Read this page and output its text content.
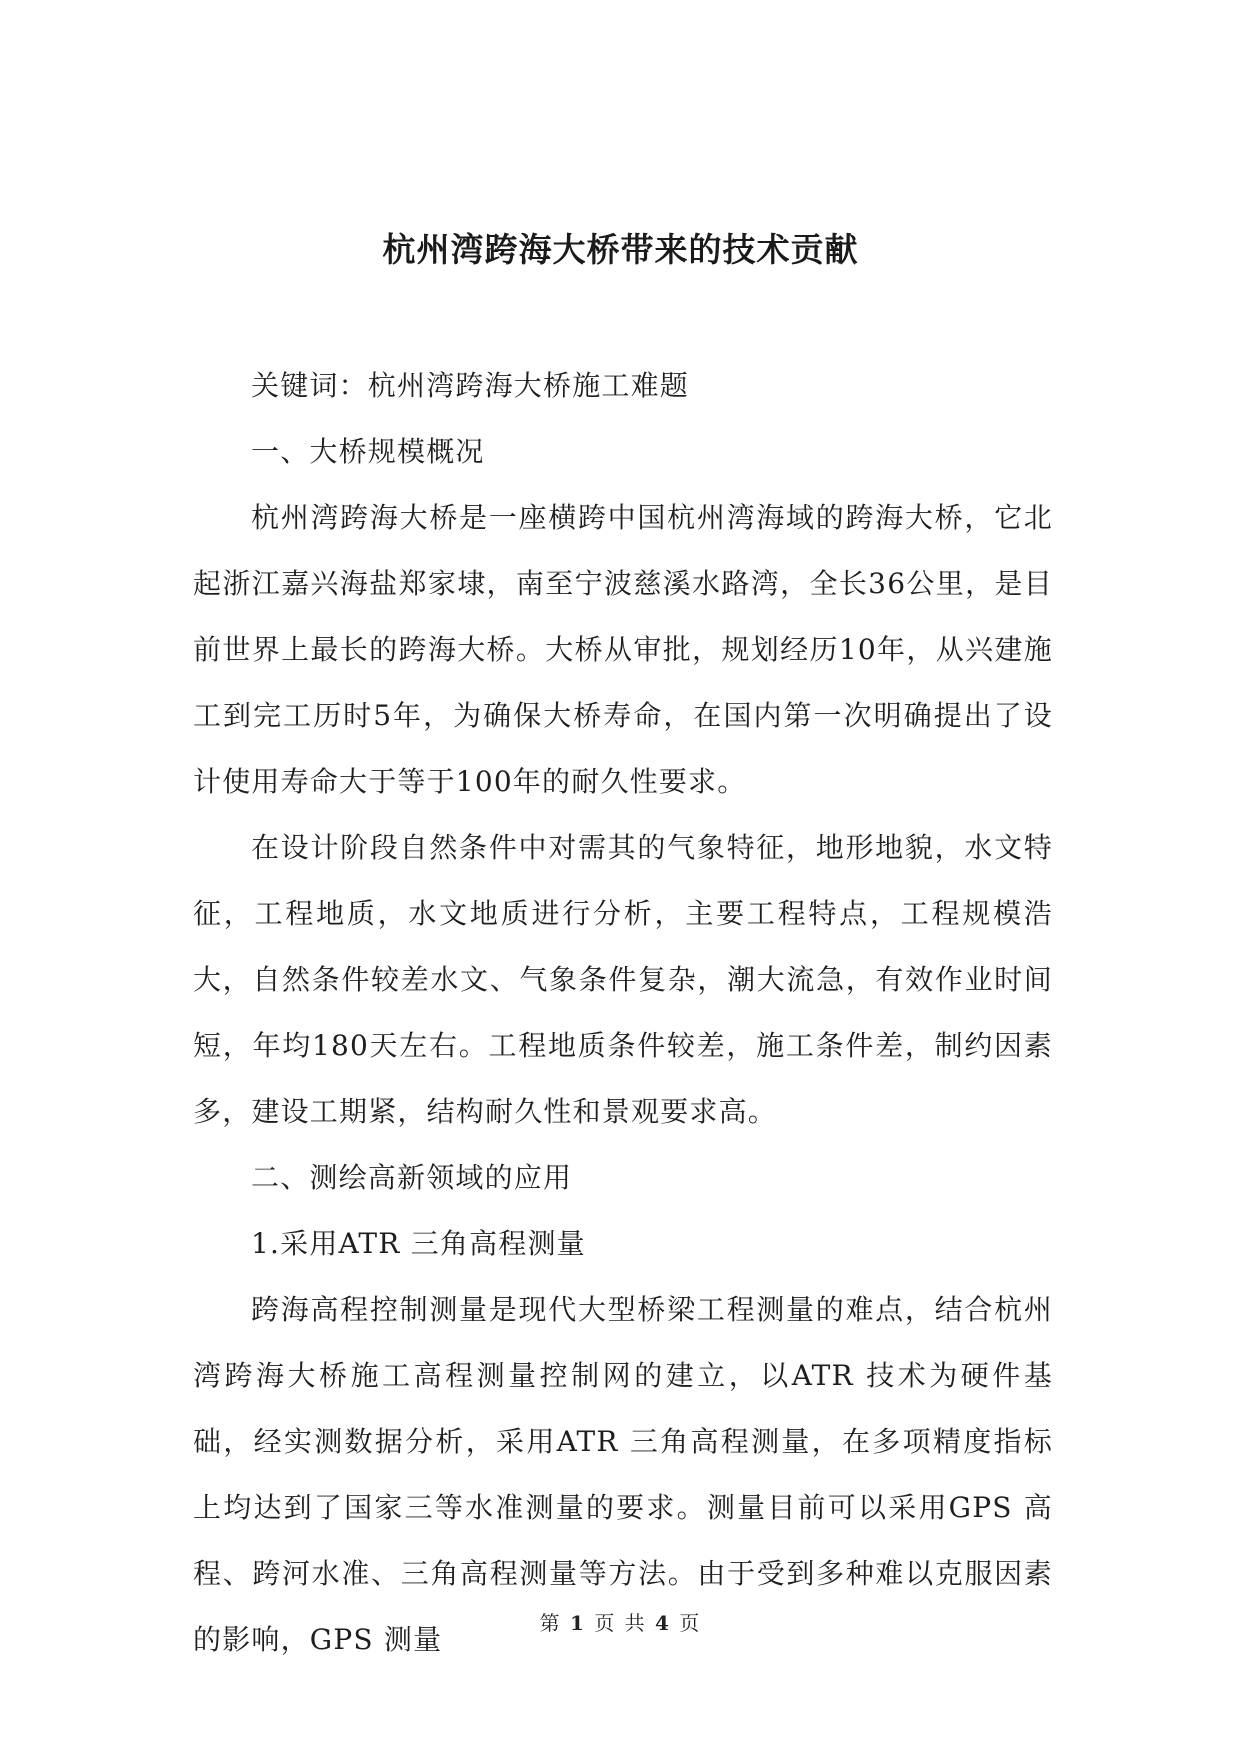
杭州湾跨海大桥带来的技术贡献

关键词：杭州湾跨海大桥施工难题

一、大桥规模概况

杭州湾跨海大桥是一座横跨中国杭州湾海域的跨海大桥，它北起浙江嘉兴海盐郑家埭，南至宁波慈溪水路湾，全长36公里，是目前世界上最长的跨海大桥。大桥从审批，规划经历10年，从兴建施工到完工历时5年，为确保大桥寿命，在国内第一次明确提出了设计使用寿命大于等于100年的耐久性要求。

在设计阶段自然条件中对需其的气象特征，地形地貌，水文特征，工程地质，水文地质进行分析，主要工程特点，工程规模浩大，自然条件较差水文、气象条件复杂，潮大流急，有效作业时间短，年均180天左右。工程地质条件较差，施工条件差，制约因素多，建设工期紧，结构耐久性和景观要求高。

二、测绘高新领域的应用

1.采用ATR 三角高程测量

跨海高程控制测量是现代大型桥梁工程测量的难点，结合杭州湾跨海大桥施工高程测量控制网的建立，以ATR 技术为硬件基础，经实测数据分析，采用ATR 三角高程测量，在多项精度指标上均达到了国家三等水准测量的要求。测量目前可以采用GPS 高程、跨河水准、三角高程测量等方法。由于受到多种难以克服因素的影响，GPS 测量	第 1 页 共 4 页
